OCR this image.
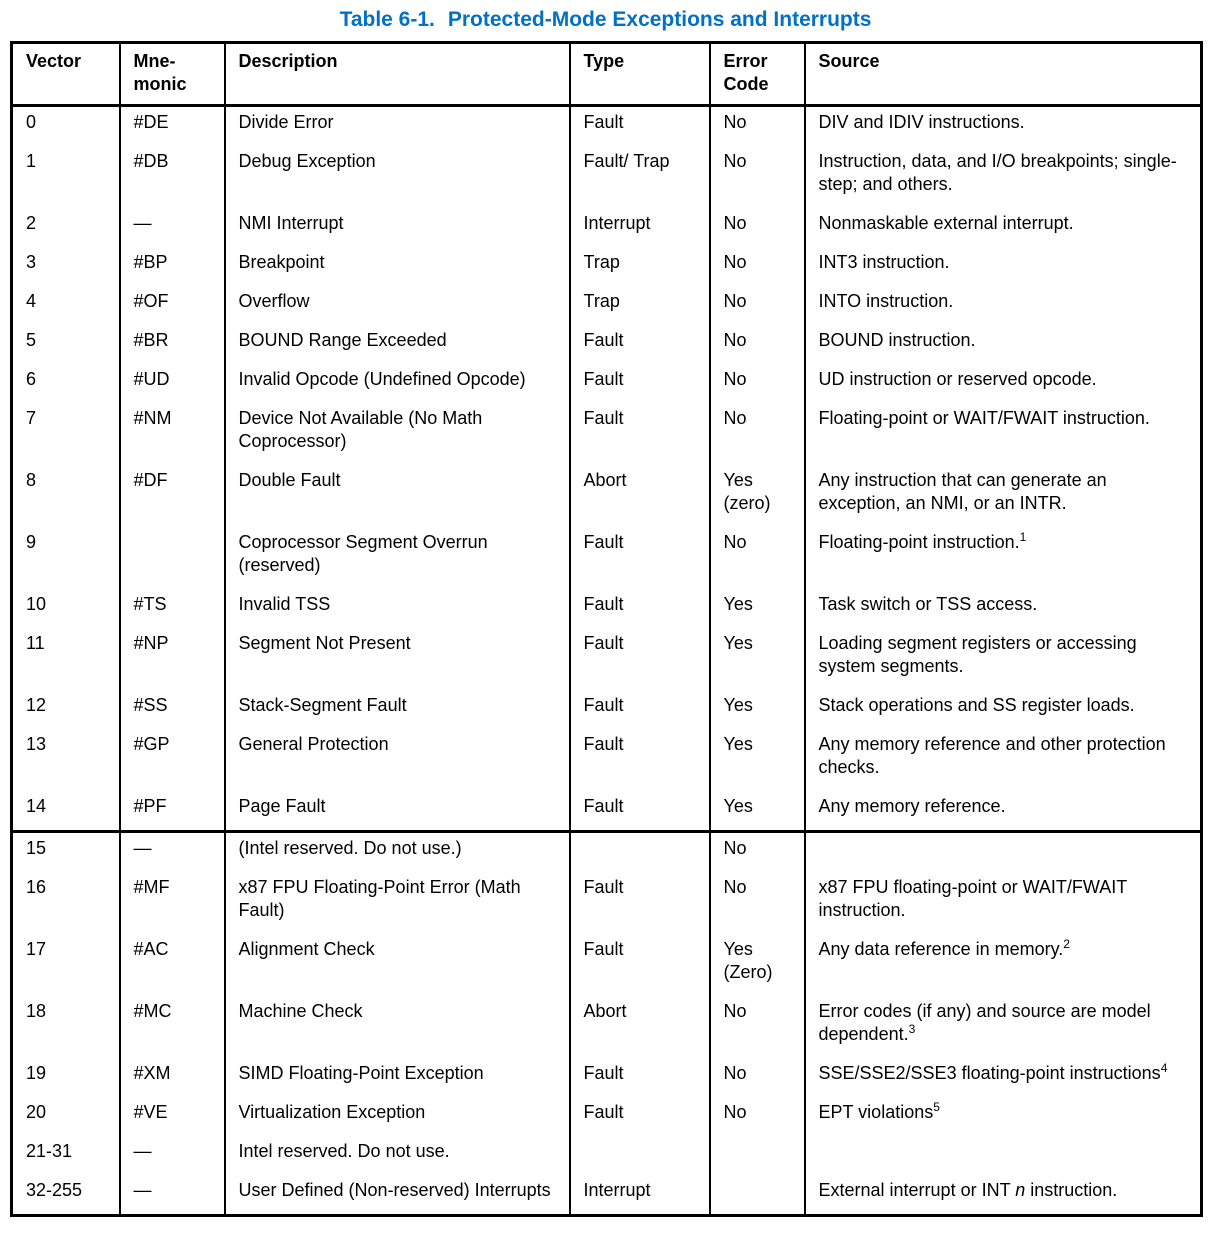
Table 6-1. Protected-Mode Exceptions and Interrupts
Vector	Mne-monic	Description	Type	Error Code	Source
0	#DE	Divide Error	Fault	No	DIV and IDIV instructions.
1	#DB	Debug Exception	Fault/ Trap	No	Instruction, data, and I/O breakpoints; single-step; and others.
2	—	NMI Interrupt	Interrupt	No	Nonmaskable external interrupt.
3	#BP	Breakpoint	Trap	No	INT3 instruction.
4	#OF	Overflow	Trap	No	INTO instruction.
5	#BR	BOUND Range Exceeded	Fault	No	BOUND instruction.
6	#UD	Invalid Opcode (Undefined Opcode)	Fault	No	UD instruction or reserved opcode.
7	#NM	Device Not Available (No Math Coprocessor)	Fault	No	Floating-point or WAIT/FWAIT instruction.
8	#DF	Double Fault	Abort	Yes (zero)	Any instruction that can generate an exception, an NMI, or an INTR.
9		Coprocessor Segment Overrun (reserved)	Fault	No	Floating-point instruction.$^1$
10	#TS	Invalid TSS	Fault	Yes	Task switch or TSS access.
11	#NP	Segment Not Present	Fault	Yes	Loading segment registers or accessing system segments.
12	#SS	Stack-Segment Fault	Fault	Yes	Stack operations and SS register loads.
13	#GP	General Protection	Fault	Yes	Any memory reference and other protection checks.
14	#PF	Page Fault	Fault	Yes	Any memory reference.
15	—	(Intel reserved. Do not use.)		No	
16	#MF	x87 FPU Floating-Point Error (Math Fault)	Fault	No	x87 FPU floating-point or WAIT/FWAIT instruction.
17	#AC	Alignment Check	Fault	Yes (Zero)	Any data reference in memory.$^2$
18	#MC	Machine Check	Abort	No	Error codes (if any) and source are model dependent.$^3$
19	#XM	SIMD Floating-Point Exception	Fault	No	SSE/SSE2/SSE3 floating-point instructions$^4$
20	#VE	Virtualization Exception	Fault	No	EPT violations$^5$
21-31	—	Intel reserved. Do not use.			
32-255	—	User Defined (Non-reserved) Interrupts	Interrupt		External interrupt or INT n instruction.
